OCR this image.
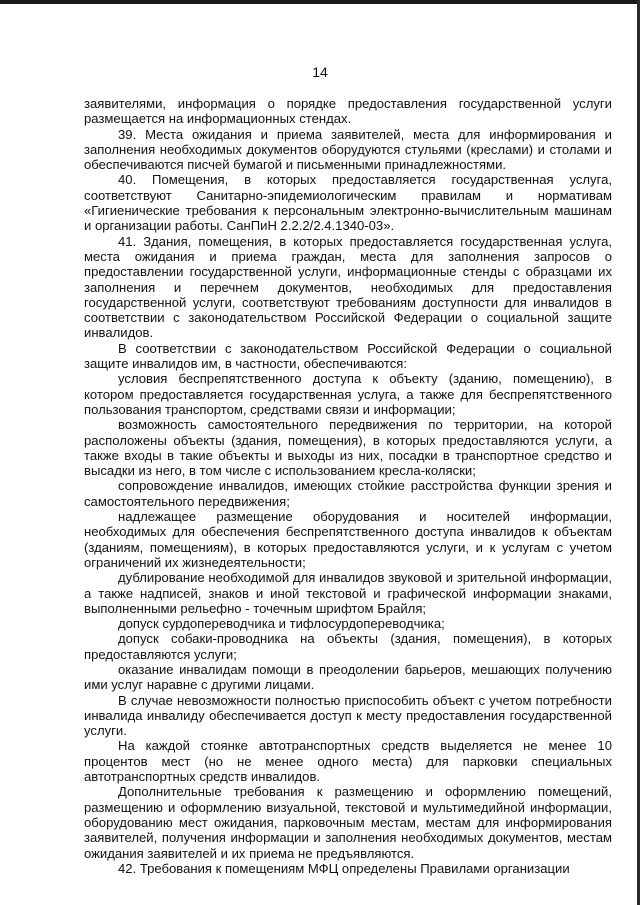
14

заявителями, информация о порядке предоставления государственной услуги размещается на информационных стендах.

39. Места ожидания и приема заявителей, места для информирования и заполнения необходимых документов оборудуются стульями (креслами) и столами и обеспечиваются писчей бумагой и письменными принадлежностями.

40. Помещения, в которых предоставляется государственная услуга, соответствуют Санитарно-эпидемиологическим правилам и нормативам «Гигиенические требования к персональным электронно-вычислительным машинам и организации работы. СанПиН 2.2.2/2.4.1340-03».

41. Здания, помещения, в которых предоставляется государственная услуга, места ожидания и приема граждан, места для заполнения запросов о предоставлении государственной услуги, информационные стенды с образцами их заполнения и перечнем документов, необходимых для предоставления государственной услуги, соответствуют требованиям доступности для инвалидов в соответствии с законодательством Российской Федерации о социальной защите инвалидов.

В соответствии с законодательством Российской Федерации о социальной защите инвалидов им, в частности, обеспечиваются:

условия беспрепятственного доступа к объекту (зданию, помещению), в котором предоставляется государственная услуга, а также для беспрепятственного пользования транспортом, средствами связи и информации;

возможность самостоятельного передвижения по территории, на которой расположены объекты (здания, помещения), в которых предоставляются услуги, а также входы в такие объекты и выходы из них, посадки в транспортное средство и высадки из него, в том числе с использованием кресла-коляски;

сопровождение инвалидов, имеющих стойкие расстройства функции зрения и самостоятельного передвижения;

надлежащее размещение оборудования и носителей информации, необходимых для обеспечения беспрепятственного доступа инвалидов к объектам (зданиям, помещениям), в которых предоставляются услуги, и к услугам с учетом ограничений их жизнедеятельности;

дублирование необходимой для инвалидов звуковой и зрительной информации, а также надписей, знаков и иной текстовой и графической информации знаками, выполненными рельефно - точечным шрифтом Брайля;

допуск сурдопереводчика и тифлосурдопереводчика;

допуск собаки-проводника на объекты (здания, помещения), в которых предоставляются услуги;

оказание инвалидам помощи в преодолении барьеров, мешающих получению ими услуг наравне с другими лицами.

В случае невозможности полностью приспособить объект с учетом потребности инвалида инвалиду обеспечивается доступ к месту предоставления государственной услуги.

На каждой стоянке автотранспортных средств выделяется не менее 10 процентов мест (но не менее одного места) для парковки специальных автотранспортных средств инвалидов.

Дополнительные требования к размещению и оформлению помещений, размещению и оформлению визуальной, текстовой и мультимедийной информации, оборудованию мест ожидания, парковочным местам, местам для информирования заявителей, получения информации и заполнения необходимых документов, местам ожидания заявителей и их приема не предъявляются.

42. Требования к помещениям МФЦ определены Правилами организации
